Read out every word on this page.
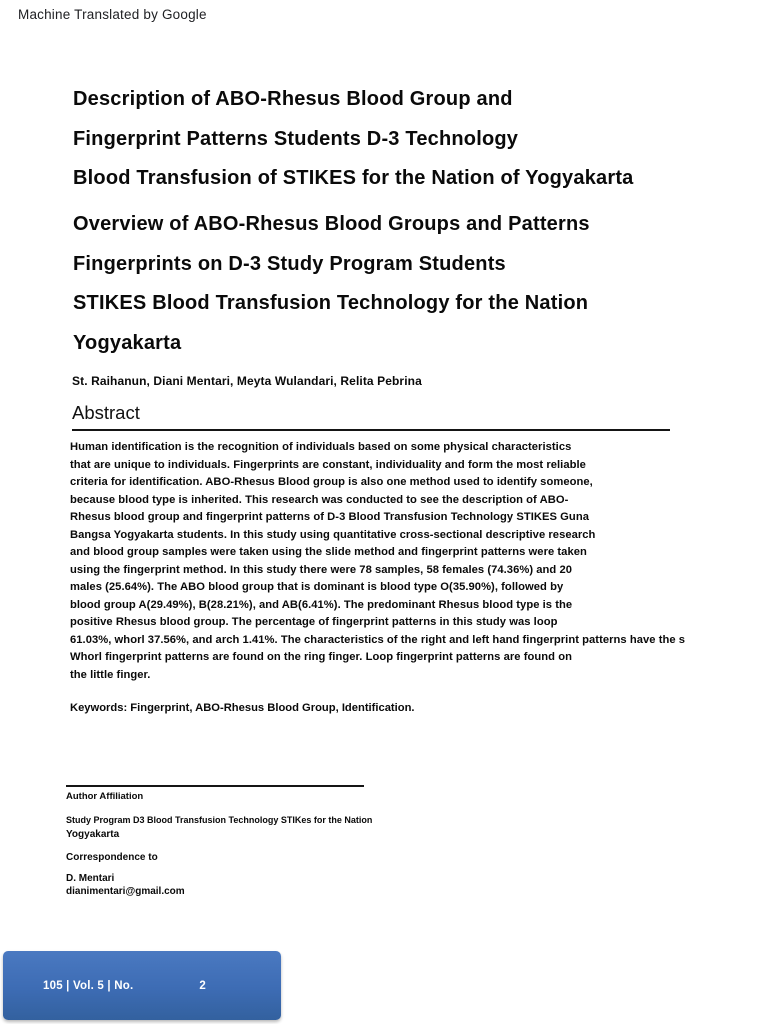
Machine Translated by Google
Description of ABO-Rhesus Blood Group and
Fingerprint Patterns Students D-3 Technology
Blood Transfusion of STIKES for the Nation of Yogyakarta
Overview of ABO-Rhesus Blood Groups and Patterns
Fingerprints on D-3 Study Program Students
STIKES Blood Transfusion Technology for the Nation
Yogyakarta
St. Raihanun, Diani Mentari, Meyta Wulandari, Relita Pebrina
Abstract
Human identification is the recognition of individuals based on some physical characteristics
that are unique to individuals. Fingerprints are constant, individuality and form the most reliable
criteria for identification. ABO-Rhesus Blood group is also one method used to identify someone,
because blood type is inherited. This research was conducted to see the description of ABO-
Rhesus blood group and fingerprint patterns of D-3 Blood Transfusion Technology STIKES Guna
Bangsa Yogyakarta students. In this study using quantitative cross-sectional descriptive research
and blood group samples were taken using the slide method and fingerprint patterns were taken
using the fingerprint method. In this study there were 78 samples, 58 females (74.36%) and 20
males (25.64%). The ABO blood group that is dominant is blood type O(35.90%), followed by
blood group A(29.49%), B(28.21%), and AB(6.41%). The predominant Rhesus blood type is the
positive Rhesus blood group. The percentage of fingerprint patterns in this study was loop
61.03%, whorl 37.56%, and arch 1.41%. The characteristics of the right and left hand fingerprint patterns have the s
Whorl fingerprint patterns are found on the ring finger. Loop fingerprint patterns are found on
the little finger.
Keywords: Fingerprint, ABO-Rhesus Blood Group, Identification.
Author Affiliation
Study Program D3 Blood Transfusion Technology STIKes for the Nation
Yogyakarta
Correspondence to
D. Mentari
dianimentari@gmail.com
105 | Vol. 5 | No.	2
